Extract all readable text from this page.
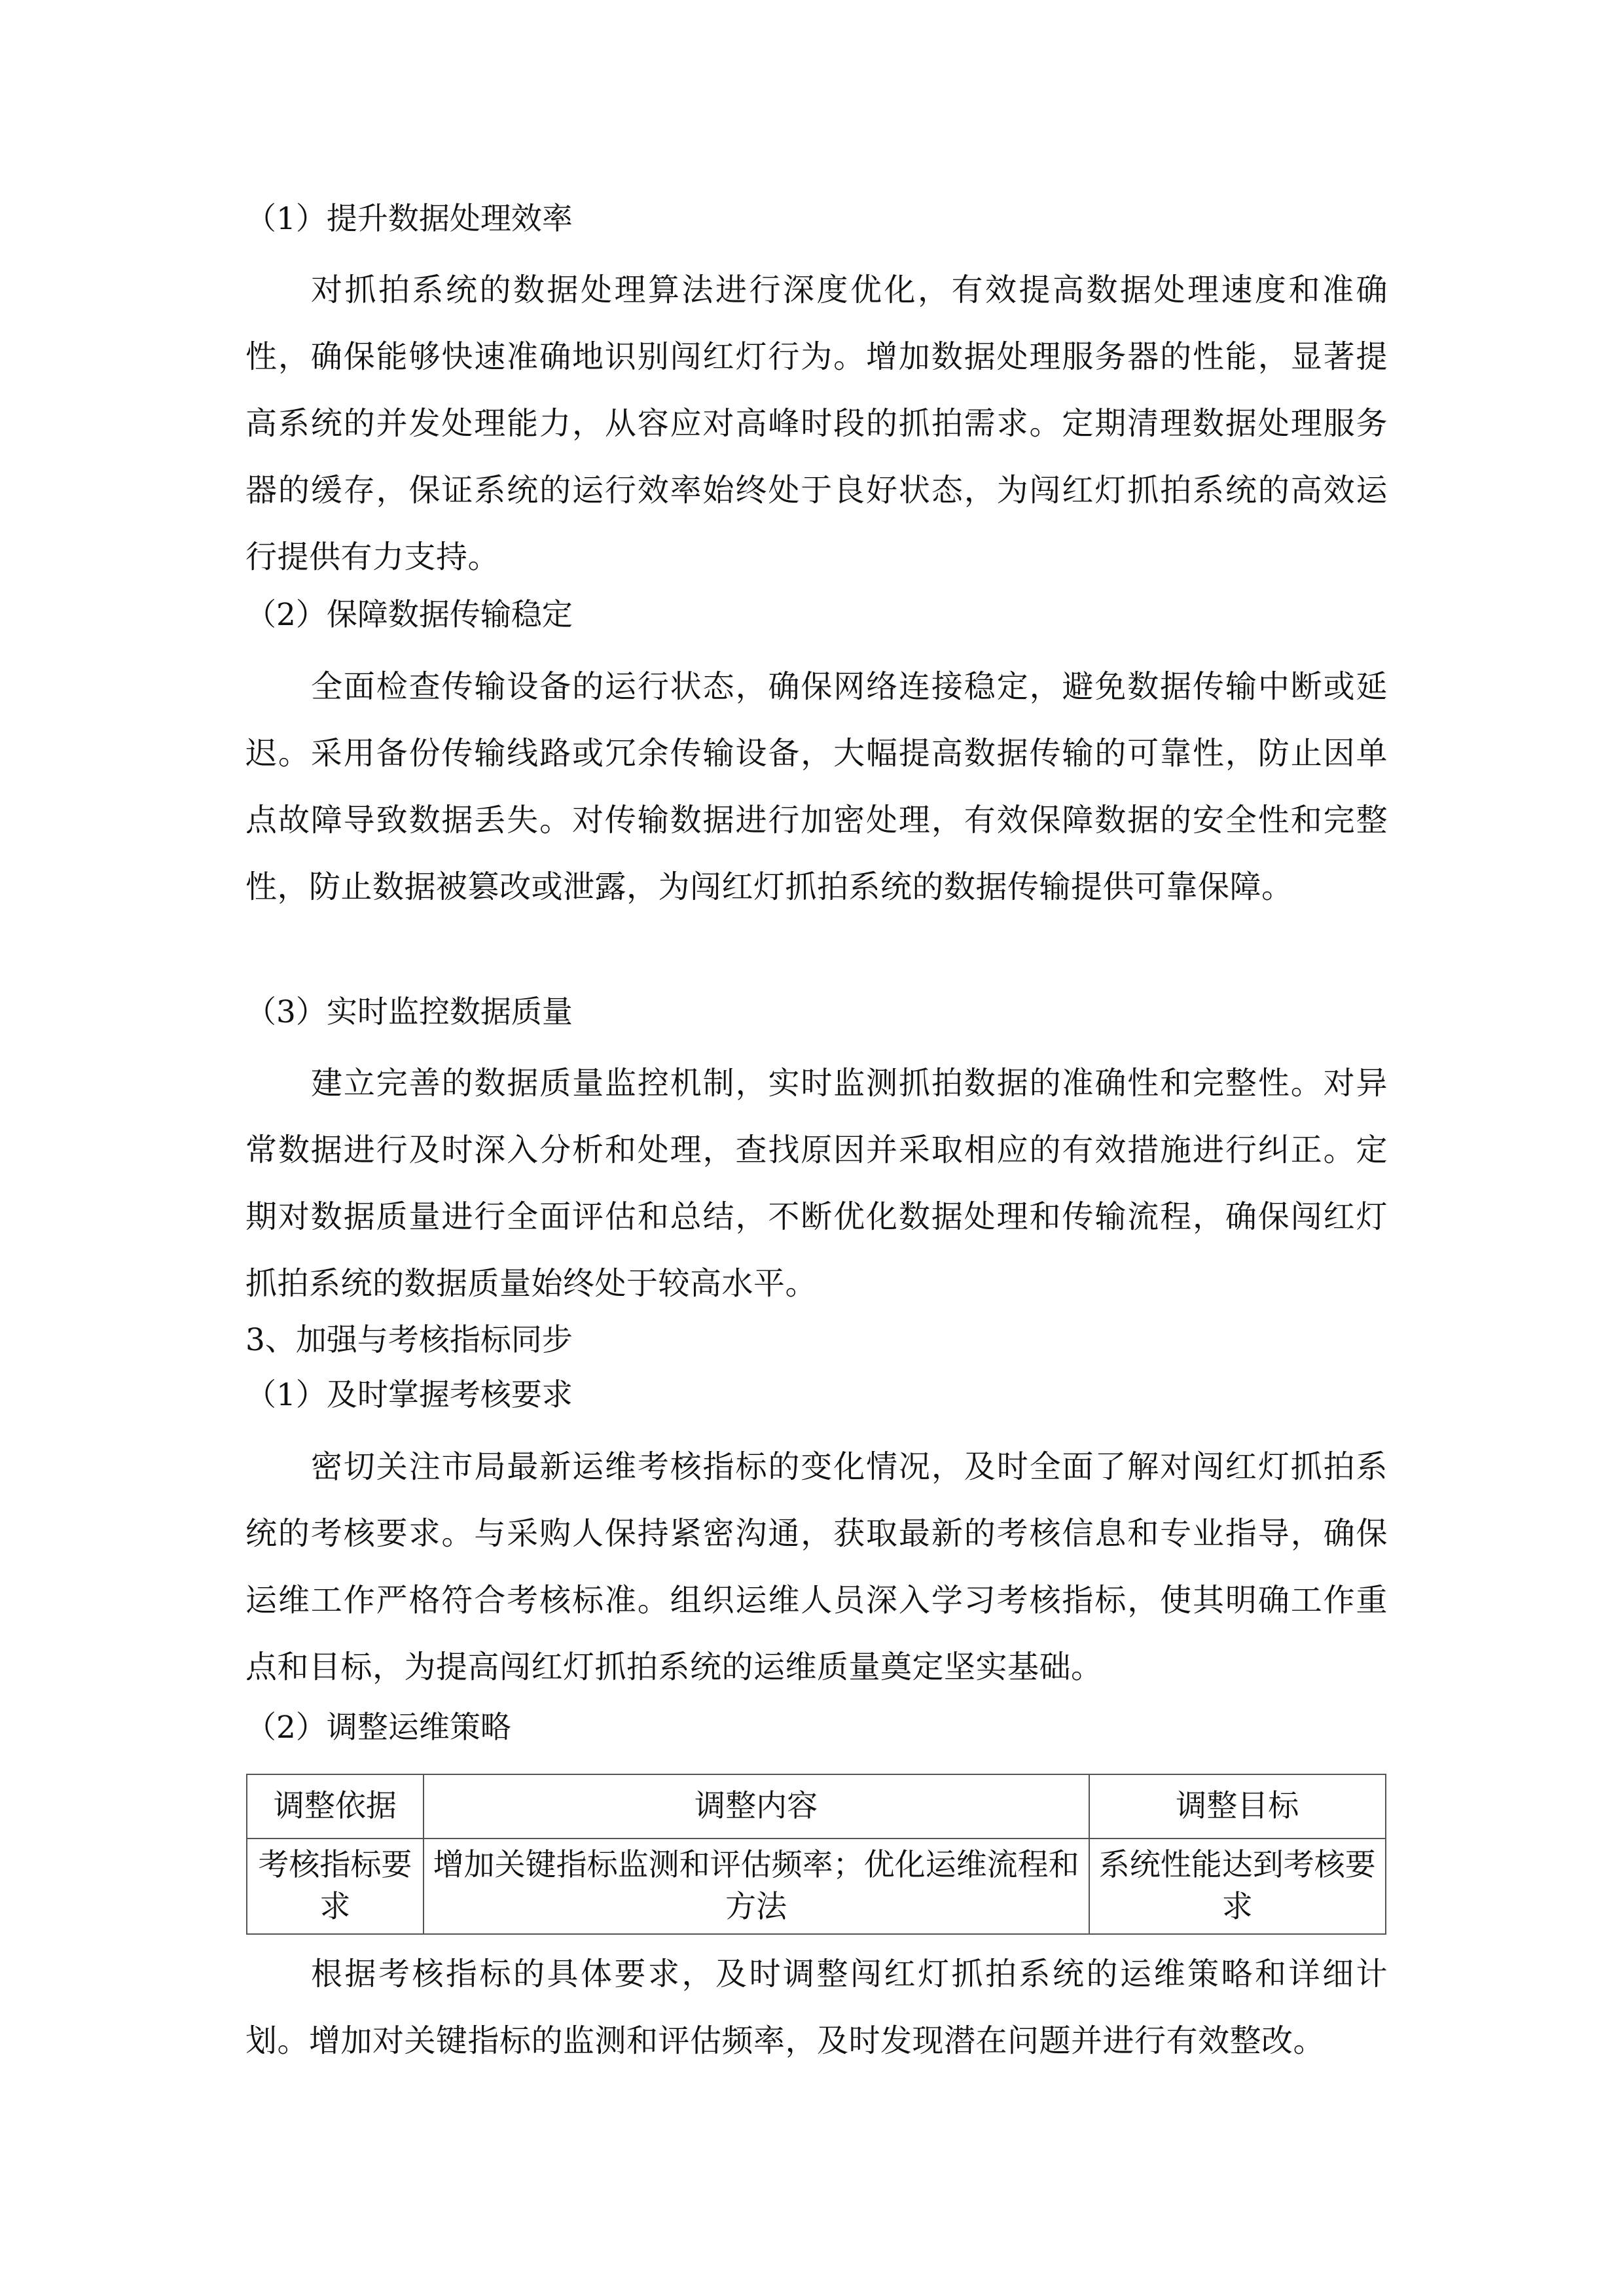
（1）提升数据处理效率
对抓拍系统的数据处理算法进行深度优化，有效提高数据处理速度和准确性，确保能够快速准确地识别闯红灯行为。增加数据处理服务器的性能，显著提高系统的并发处理能力，从容应对高峰时段的抓拍需求。定期清理数据处理服务器的缓存，保证系统的运行效率始终处于良好状态，为闯红灯抓拍系统的高效运行提供有力支持。
（2）保障数据传输稳定
全面检查传输设备的运行状态，确保网络连接稳定，避免数据传输中断或延迟。采用备份传输线路或冗余传输设备，大幅提高数据传输的可靠性，防止因单点故障导致数据丢失。对传输数据进行加密处理，有效保障数据的安全性和完整性，防止数据被篡改或泄露，为闯红灯抓拍系统的数据传输提供可靠保障。
（3）实时监控数据质量
建立完善的数据质量监控机制，实时监测抓拍数据的准确性和完整性。对异常数据进行及时深入分析和处理，查找原因并采取相应的有效措施进行纠正。定期对数据质量进行全面评估和总结，不断优化数据处理和传输流程，确保闯红灯抓拍系统的数据质量始终处于较高水平。
3、加强与考核指标同步
（1）及时掌握考核要求
密切关注市局最新运维考核指标的变化情况，及时全面了解对闯红灯抓拍系统的考核要求。与采购人保持紧密沟通，获取最新的考核信息和专业指导，确保运维工作严格符合考核标准。组织运维人员深入学习考核指标，使其明确工作重点和目标，为提高闯红灯抓拍系统的运维质量奠定坚实基础。
（2）调整运维策略
调整依据	调整内容	调整目标
考核指标要求	增加关键指标监测和评估频率；优化运维流程和方法	系统性能达到考核要求
根据考核指标的具体要求，及时调整闯红灯抓拍系统的运维策略和详细计划。增加对关键指标的监测和评估频率，及时发现潜在问题并进行有效整改。
